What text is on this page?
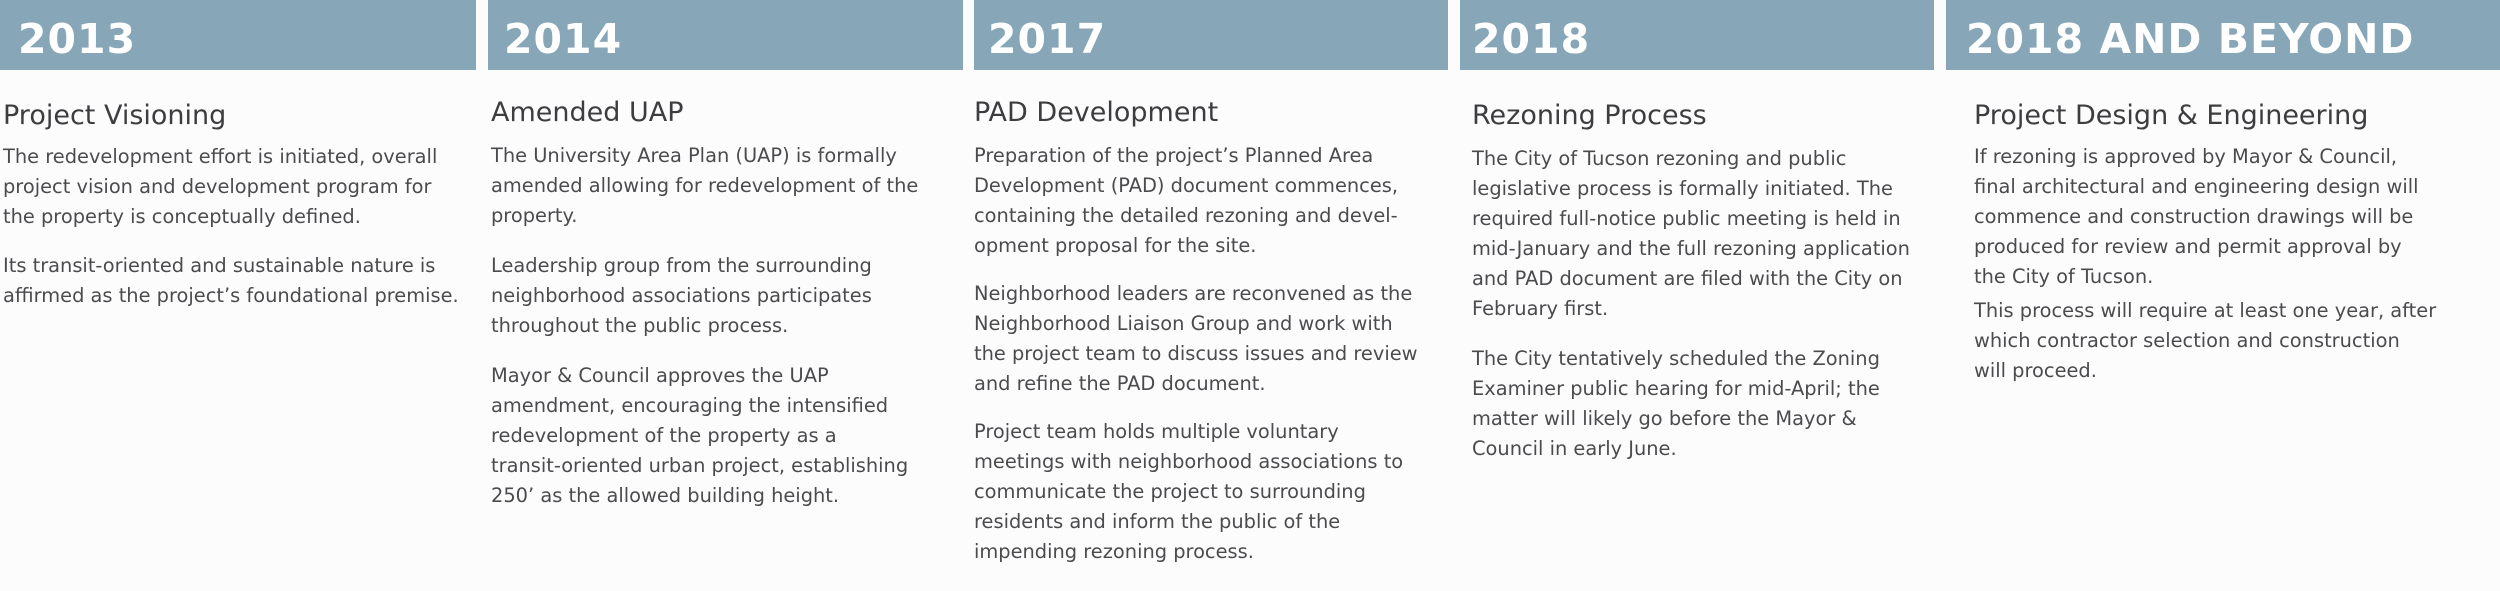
2013
Project Visioning

The redevelopment effort is initiated, overall
project vision and development program for
the property is conceptually defined.

Its transit-oriented and sustainable nature is
affirmed as the project’s foundational premise.

2014
Amended UAP

The University Area Plan (UAP) is formally
amended allowing for redevelopment of the
property.

Leadership group from the surrounding
neighborhood associations participates
throughout the public process.

Mayor & Council approves the UAP
amendment, encouraging the intensified
redevelopment of the property as a
transit-oriented urban project, establishing
250’ as the allowed building height.

2017
PAD Development

Preparation of the project’s Planned Area
Development (PAD) document commences,
containing the detailed rezoning and devel-
opment proposal for the site.

Neighborhood leaders are reconvened as the
Neighborhood Liaison Group and work with
the project team to discuss issues and review
and refine the PAD document.

Project team holds multiple voluntary
meetings with neighborhood associations to
communicate the project to surrounding
residents and inform the public of the
impending rezoning process.

2018
Rezoning Process

The City of Tucson rezoning and public
legislative process is formally initiated. The
required full-notice public meeting is held in
mid-January and the full rezoning application
and PAD document are filed with the City on
February first.

The City tentatively scheduled the Zoning
Examiner public hearing for mid-April; the
matter will likely go before the Mayor &
Council in early June.

2018 AND BEYOND
Project Design & Engineering

If rezoning is approved by Mayor & Council,
final architectural and engineering design will
commence and construction drawings will be
produced for review and permit approval by
the City of Tucson.

This process will require at least one year, after
which contractor selection and construction
will proceed.
